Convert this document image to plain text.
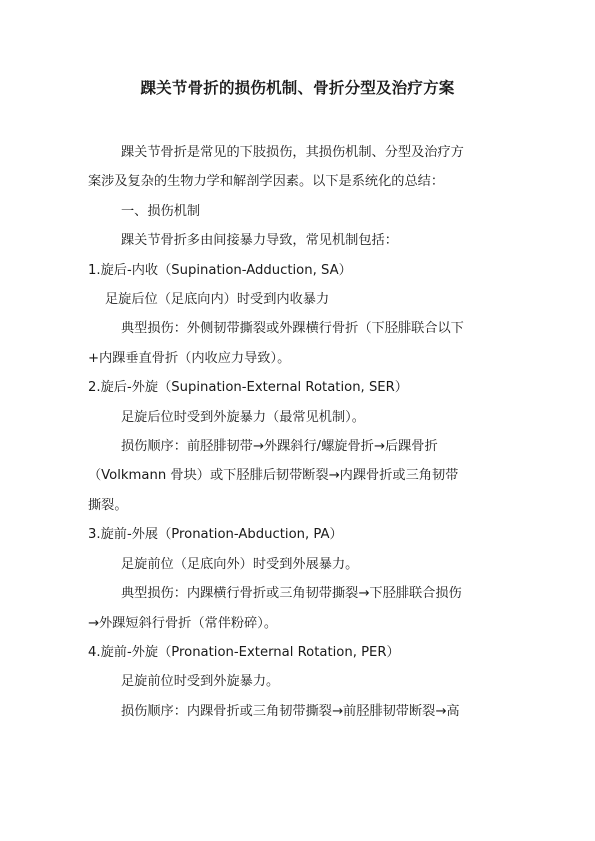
踝关节骨折的损伤机制、骨折分型及治疗方案
踝关节骨折是常见的下肢损伤，其损伤机制、分型及治疗方
案涉及复杂的生物力学和解剖学因素。以下是系统化的总结：
一、损伤机制
踝关节骨折多由间接暴力导致，常见机制包括：
1.旋后-内收（Supination-Adduction, SA）
足旋后位（足底向内）时受到内收暴力
典型损伤：外侧韧带撕裂或外踝横行骨折（下胫腓联合以下
+内踝垂直骨折（内收应力导致）。
2.旋后-外旋（Supination-External Rotation, SER）
足旋后位时受到外旋暴力（最常见机制）。
损伤顺序：前胫腓韧带→外踝斜行/螺旋骨折→后踝骨折
（Volkmann 骨块）或下胫腓后韧带断裂→内踝骨折或三角韧带
撕裂。
3.旋前-外展（Pronation-Abduction, PA）
足旋前位（足底向外）时受到外展暴力。
典型损伤：内踝横行骨折或三角韧带撕裂→下胫腓联合损伤
→外踝短斜行骨折（常伴粉碎）。
4.旋前-外旋（Pronation-External Rotation, PER）
足旋前位时受到外旋暴力。
损伤顺序：内踝骨折或三角韧带撕裂→前胫腓韧带断裂→高
